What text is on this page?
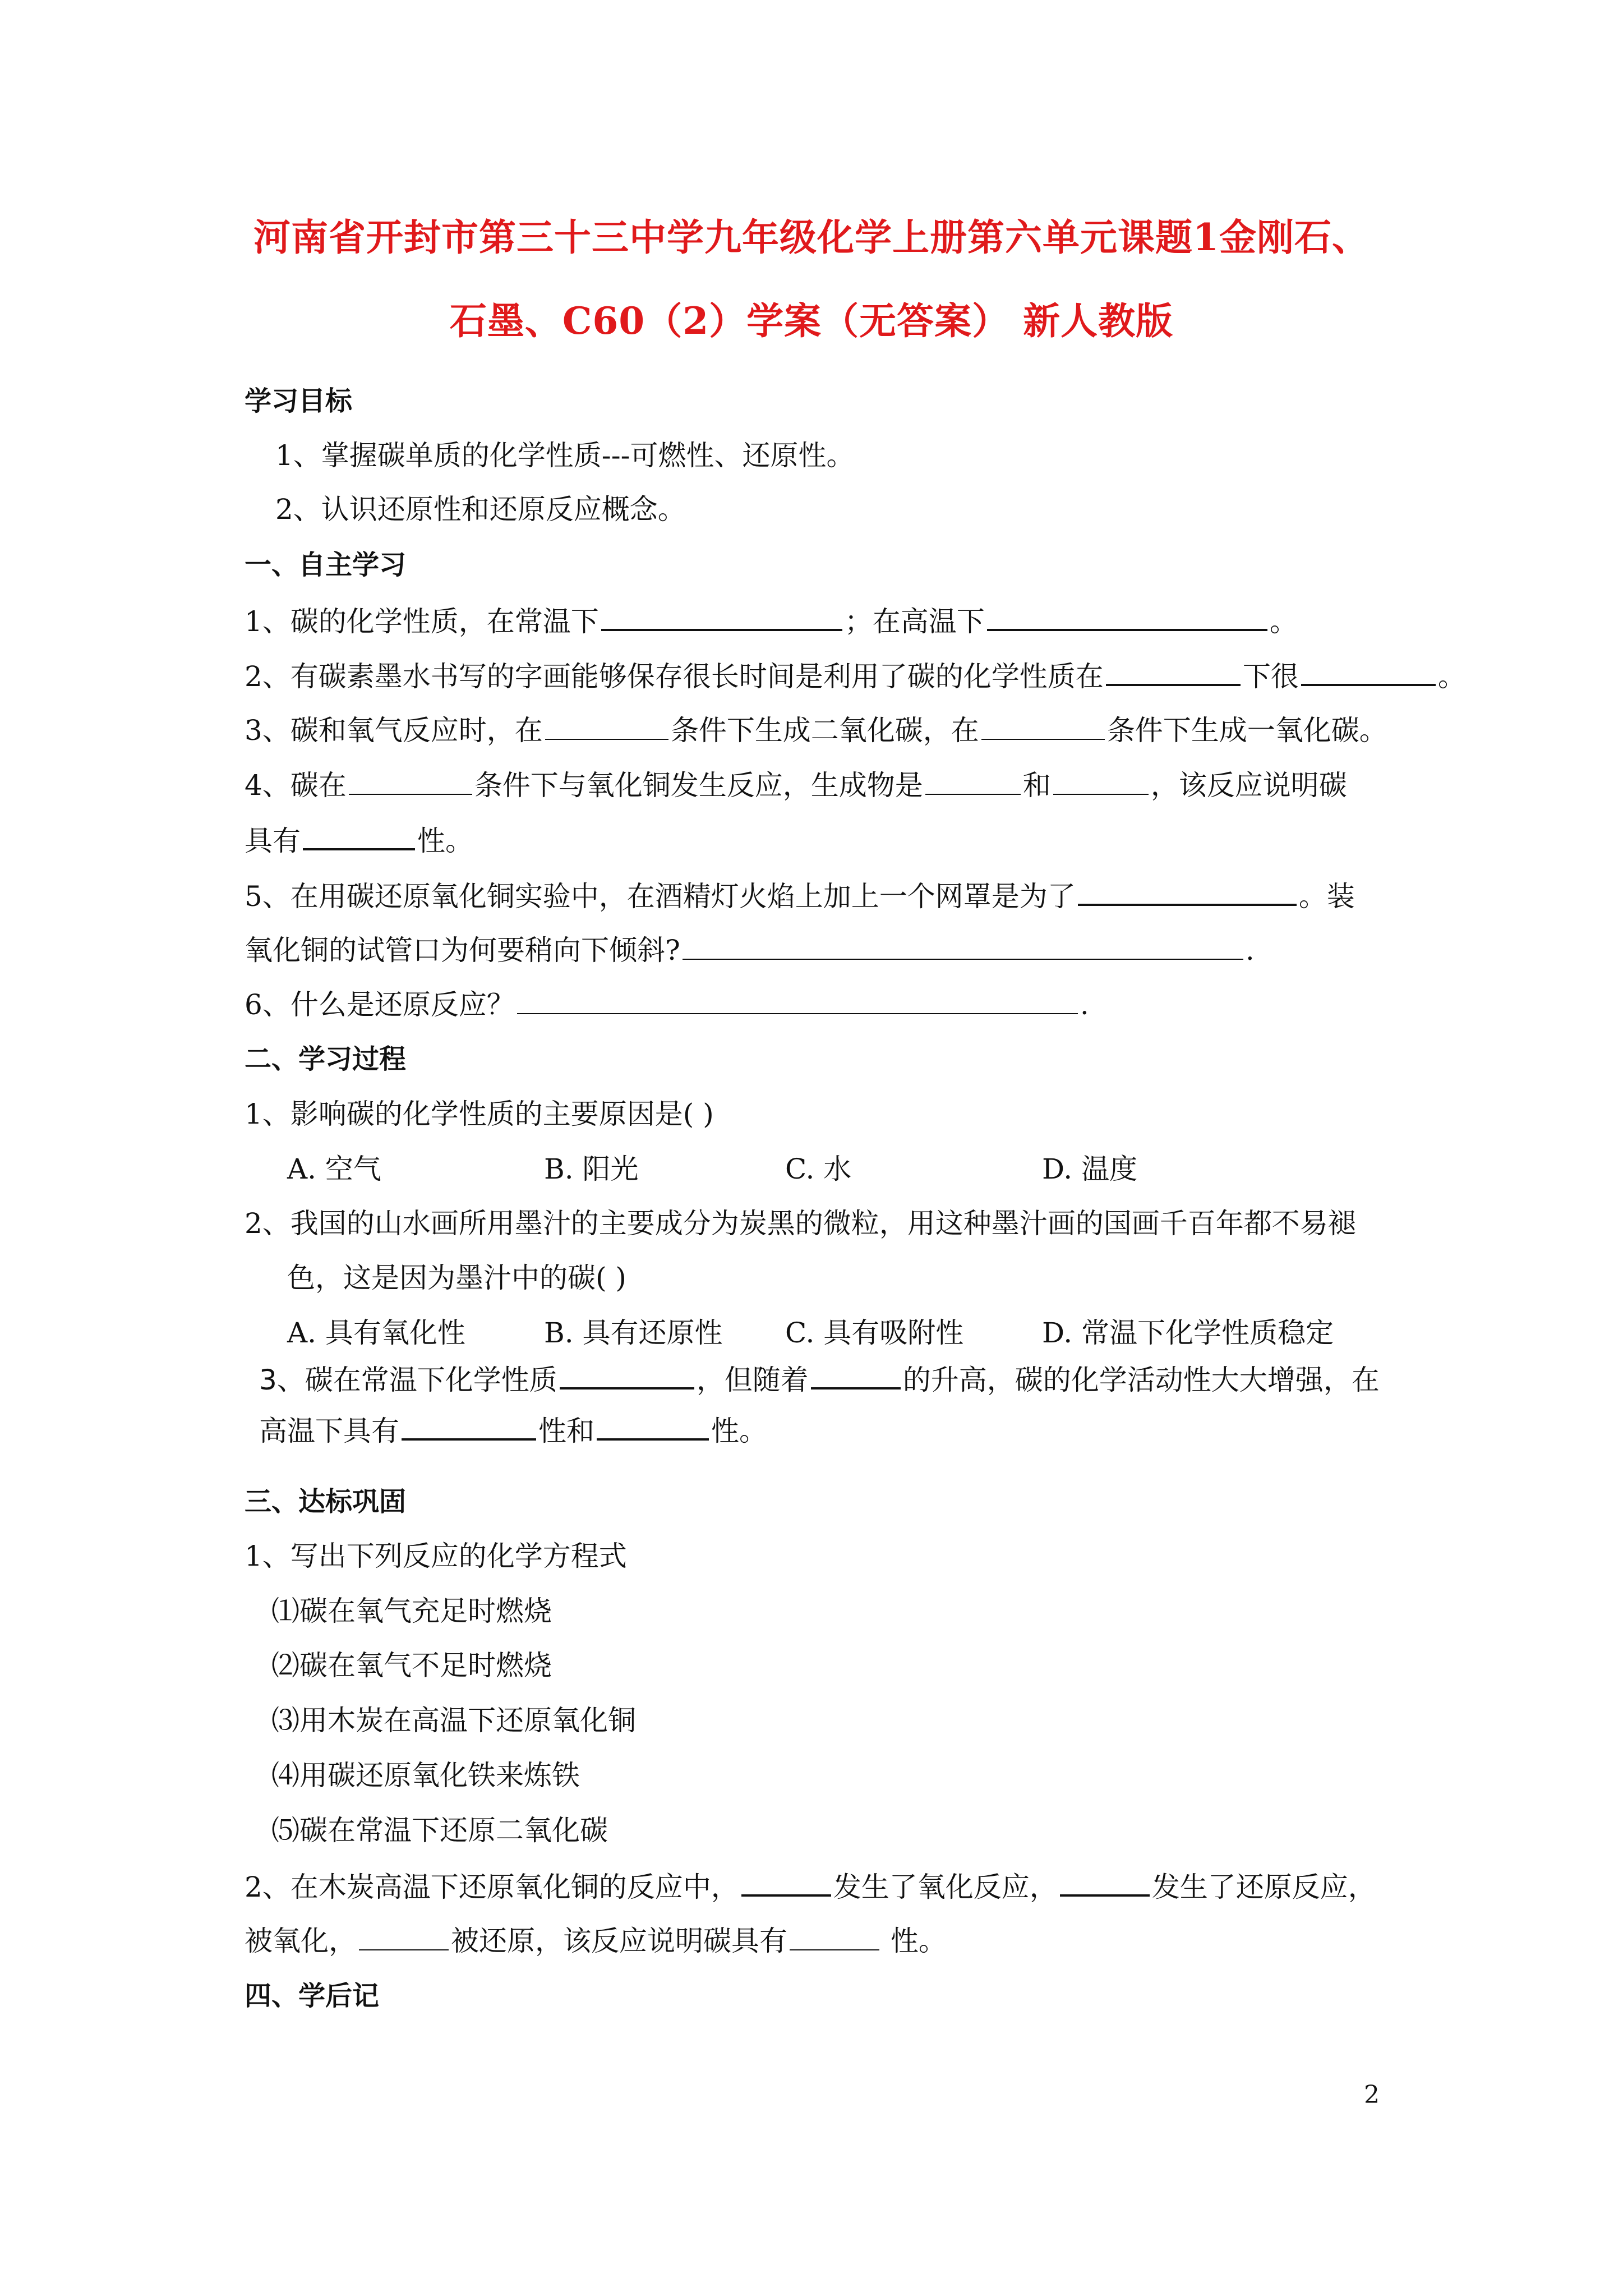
河南省开封市第三十三中学九年级化学上册第六单元课题1金刚石、
石墨、C60（2）学案（无答案） 新人教版
学习目标
1、掌握碳单质的化学性质---可燃性、还原性。
2、认识还原性和还原反应概念。
一、自主学习
1、碳的化学性质，在常温下	；在高温下	。
2、有碳素墨水书写的字画能够保存很长时间是利用了碳的化学性质在	下很	。
3、碳和氧气反应时，在	条件下生成二氧化碳，在	条件下生成一氧化碳。
4、碳在	条件下与氧化铜发生反应，生成物是	和	，该反应说明碳
具有	性。
5、在用碳还原氧化铜实验中，在酒精灯火焰上加上一个网罩是为了	。装
氧化铜的试管口为何要稍向下倾斜?	.
6、什么是还原反应？	.
二、学习过程
1、影响碳的化学性质的主要原因是( )
A. 空气	B. 阳光	C. 水	D. 温度
2、我国的山水画所用墨汁的主要成分为炭黑的微粒，用这种墨汁画的国画千百年都不易褪
色，这是因为墨汁中的碳( )
A. 具有氧化性	B. 具有还原性 C. 具有吸附性	D. 常温下化学性质稳定
3、碳在常温下化学性质	，但随着	的升高，碳的化学活动性大大增强，在
高温下具有	性和	性。
三、达标巩固
1、写出下列反应的化学方程式
⑴碳在氧气充足时燃烧
⑵碳在氧气不足时燃烧
⑶用木炭在高温下还原氧化铜
⑷用碳还原氧化铁来炼铁
⑸碳在常温下还原二氧化碳
2、在木炭高温下还原氧化铜的反应中，	发生了氧化反应，	发生了还原反应，
被氧化，	被还原，该反应说明碳具有	性。
四、学后记
2
